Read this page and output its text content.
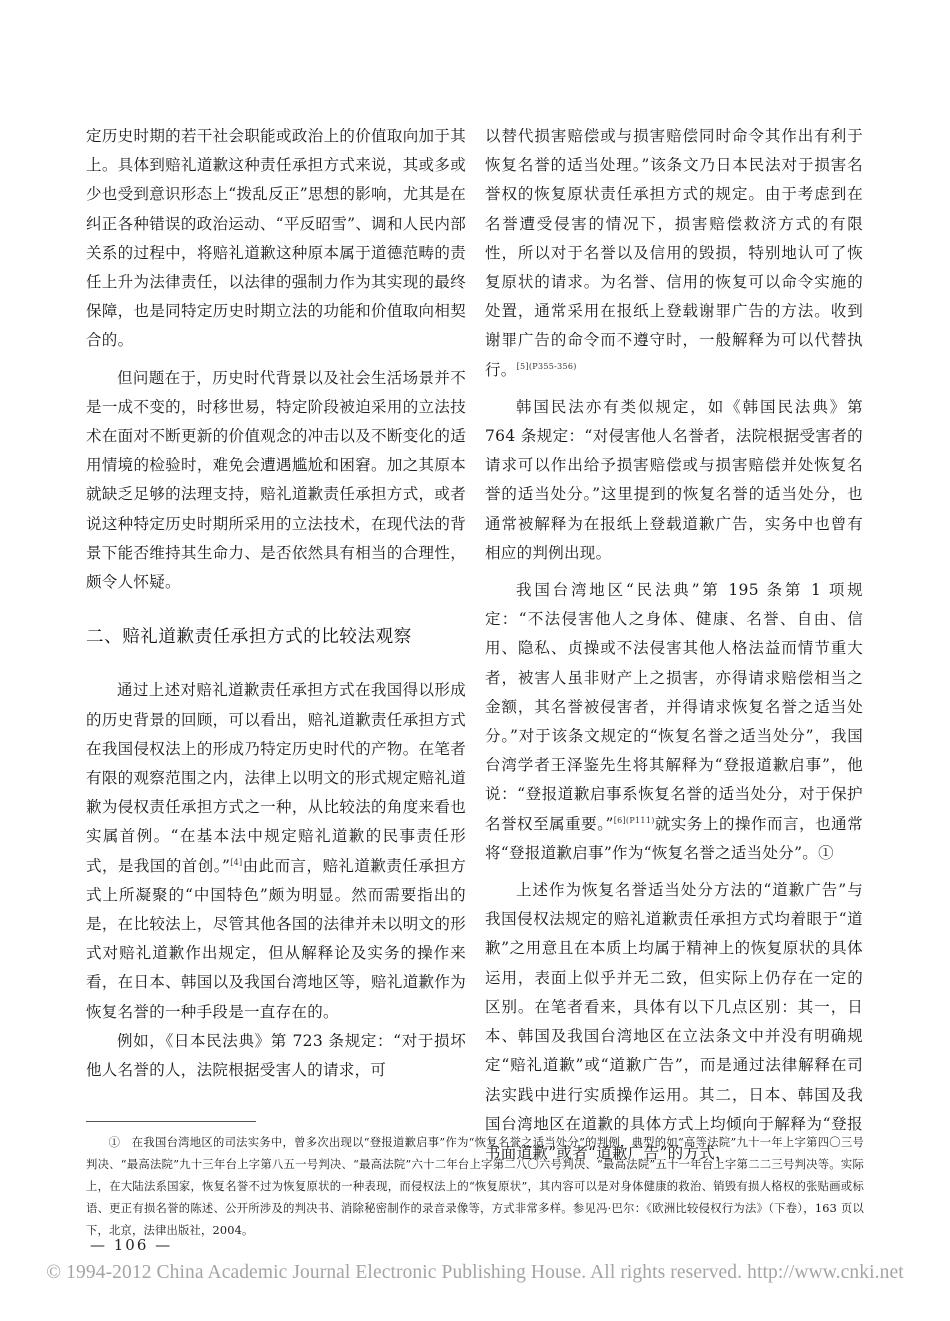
定历史时期的若干社会职能或政治上的价值取向加于其上。具体到赔礼道歉这种责任承担方式来说，其或多或少也受到意识形态上“拨乱反正”思想的影响，尤其是在纠正各种错误的政治运动、“平反昭雪”、调和人民内部关系的过程中，将赔礼道歉这种原本属于道德范畴的责任上升为法律责任，以法律的强制力作为其实现的最终保障，也是同特定历史时期立法的功能和价值取向相契合的。

但问题在于，历史时代背景以及社会生活场景并不是一成不变的，时移世易，特定阶段被迫采用的立法技术在面对不断更新的价值观念的冲击以及不断变化的适用情境的检验时，难免会遭遇尴尬和困窘。加之其原本就缺乏足够的法理支持，赔礼道歉责任承担方式，或者说这种特定历史时期所采用的立法技术，在现代法的背景下能否维持其生命力、是否依然具有相当的合理性，颇令人怀疑。

二、赔礼道歉责任承担方式的比较法观察

通过上述对赔礼道歉责任承担方式在我国得以形成的历史背景的回顾，可以看出，赔礼道歉责任承担方式在我国侵权法上的形成乃特定历史时代的产物。在笔者有限的观察范围之内，法律上以明文的形式规定赔礼道歉为侵权责任承担方式之一种，从比较法的角度来看也实属首例。“在基本法中规定赔礼道歉的民事责任形式，是我国的首创。”[4]由此而言，赔礼道歉责任承担方式上所凝聚的“中国特色”颇为明显。然而需要指出的是，在比较法上，尽管其他各国的法律并未以明文的形式对赔礼道歉作出规定，但从解释论及实务的操作来看，在日本、韩国以及我国台湾地区等，赔礼道歉作为恢复名誉的一种手段是一直存在的。

例如，《日本民法典》第 723 条规定：“对于损坏他人名誉的人，法院根据受害人的请求，可

以替代损害赔偿或与损害赔偿同时命令其作出有利于恢复名誉的适当处理。”该条文乃日本民法对于损害名誉权的恢复原状责任承担方式的规定。由于考虑到在名誉遭受侵害的情况下，损害赔偿救济方式的有限性，所以对于名誉以及信用的毁损，特别地认可了恢复原状的请求。为名誉、信用的恢复可以命令实施的处置，通常采用在报纸上登载谢罪广告的方法。收到谢罪广告的命令而不遵守时，一般解释为可以代替执行。$^{[5](P355-356)}$

韩国民法亦有类似规定，如《韩国民法典》第 764 条规定：“对侵害他人名誉者，法院根据受害者的请求可以作出给予损害赔偿或与损害赔偿并处恢复名誉的适当处分。”这里提到的恢复名誉的适当处分，也通常被解释为在报纸上登载道歉广告，实务中也曾有相应的判例出现。

我国台湾地区“民法典”第 195 条第 1 项规定：“不法侵害他人之身体、健康、名誉、自由、信用、隐私、贞操或不法侵害其他人格法益而情节重大者，被害人虽非财产上之损害，亦得请求赔偿相当之金额，其名誉被侵害者，并得请求恢复名誉之适当处分。”对于该条文规定的“恢复名誉之适当处分”，我国台湾学者王泽鉴先生将其解释为“登报道歉启事”，他说：“登报道歉启事系恢复名誉的适当处分，对于保护名誉权至属重要。”$^{[6](P111)}$就实务上的操作而言，也通常将“登报道歉启事”作为“恢复名誉之适当处分”。①

上述作为恢复名誉适当处分方法的“道歉广告”与我国侵权法规定的赔礼道歉责任承担方式均着眼于“道歉”之用意且在本质上均属于精神上的恢复原状的具体运用，表面上似乎并无二致，但实际上仍存在一定的区别。在笔者看来，具体有以下几点区别：其一，日本、韩国及我国台湾地区在立法条文中并没有明确规定“赔礼道歉”或“道歉广告”，而是通过法律解释在司法实践中进行实质操作运用。其二，日本、韩国及我国台湾地区在道歉的具体方式上均倾向于解释为“登报书面道歉”或者“道歉广告”的方式，

①　在我国台湾地区的司法实务中，曾多次出现以“登报道歉启事”作为“恢复名誉之适当处分”的判例，典型的如“高等法院”九十一年上字第四〇三号判决、“最高法院”九十三年台上字第八五一号判决、“最高法院”六十二年台上字第二八〇六号判决、“最高法院”五十一年台上字第二二三号判决等。实际上，在大陆法系国家，恢复名誉不过为恢复原状的一种表现，而侵权法上的“恢复原状”，其内容可以是对身体健康的救治、销毁有损人格权的张贴画或标语、更正有损名誉的陈述、公开所涉及的判决书、消除秘密制作的录音录像等，方式非常多样。参见冯·巴尔：《欧洲比较侵权行为法》（下卷），163 页以下，北京，法律出版社，2004。

— 106 —
© 1994-2012 China Academic Journal Electronic Publishing House. All rights reserved. http://www.cnki.net
